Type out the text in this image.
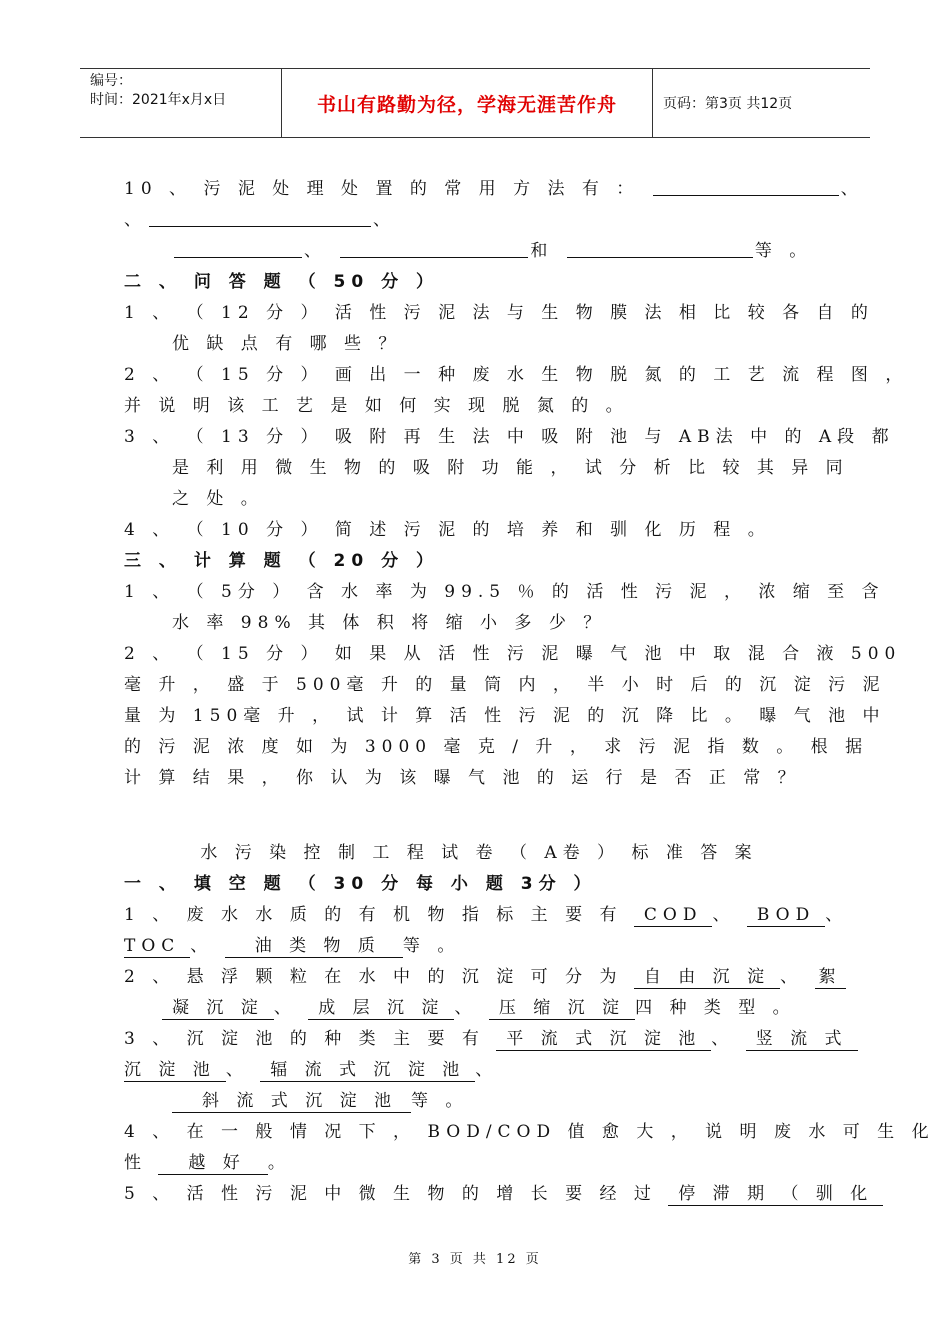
编号：
时间：2021年x月x日	书山有路勤为径，学海无涯苦作舟	页码：第3页 共12页
10 、 污 泥 处 理 处 置 的 常 用 方 法 有 ：	、
、	、
、	和	等 。
二 、 问 答 题 （ 50 分 ）
1 、 （ 12 分 ） 活 性 污 泥 法 与 生 物 膜 法 相 比 较 各 自 的
优 缺 点 有 哪 些 ？
2 、 （ 15 分 ） 画 出 一 种 废 水 生 物 脱 氮 的 工 艺 流 程 图 ，
并 说 明 该 工 艺 是 如 何 实 现 脱 氮 的 。
3 、 （ 13 分 ） 吸 附 再 生 法 中 吸 附 池 与 AB法 中 的 A段 都
是 利 用 微 生 物 的 吸 附 功 能 ， 试 分 析 比 较 其 异 同
之 处 。
4 、 （ 10 分 ） 简 述 污 泥 的 培 养 和 驯 化 历 程 。
三 、 计 算 题 （ 20 分 ）
1 、 （ 5分 ） 含 水 率 为 99.5 ％ 的 活 性 污 泥 ， 浓 缩 至 含
水 率 98% 其 体 积 将 缩 小 多 少 ？
2 、 （ 15 分 ） 如 果 从 活 性 污 泥 曝 气 池 中 取 混 合 液 500
毫 升 ， 盛 于 500毫 升 的 量 筒 内 ， 半 小 时 后 的 沉 淀 污 泥
量 为 150毫 升 ， 试 计 算 活 性 污 泥 的 沉 降 比 。 曝 气 池 中
的 污 泥 浓 度 如 为 3000 毫 克 / 升 ， 求 污 泥 指 数 。 根 据
计 算 结 果 ， 你 认 为 该 曝 气 池 的 运 行 是 否 正 常 ？
水 污 染 控 制 工 程 试 卷 （ A卷 ） 标 准 答 案
一 、 填 空 题 （ 30 分 每 小 题 3分 ）
1 、 废 水 水 质 的 有 机 物 指 标 主 要 有 COD 、 BOD 、
TOC 、 油 类 物 质 等 。
2 、 悬 浮 颗 粒 在 水 中 的 沉 淀 可 分 为 自 由 沉 淀 、 絮
凝 沉 淀 、 成 层 沉 淀 、 压 缩 沉 淀 四 种 类 型 。
3 、 沉 淀 池 的 种 类 主 要 有 平 流 式 沉 淀 池 、 竖 流 式
沉 淀 池 、 辐 流 式 沉 淀 池 、
斜 流 式 沉 淀 池 等 。
4 、 在 一 般 情 况 下 ， BOD/COD 值 愈 大 ， 说 明 废 水 可 生 化
性 越 好 。
5 、 活 性 污 泥 中 微 生 物 的 增 长 要 经 过 停 滞 期 （ 驯 化
第 3 页 共 12 页
